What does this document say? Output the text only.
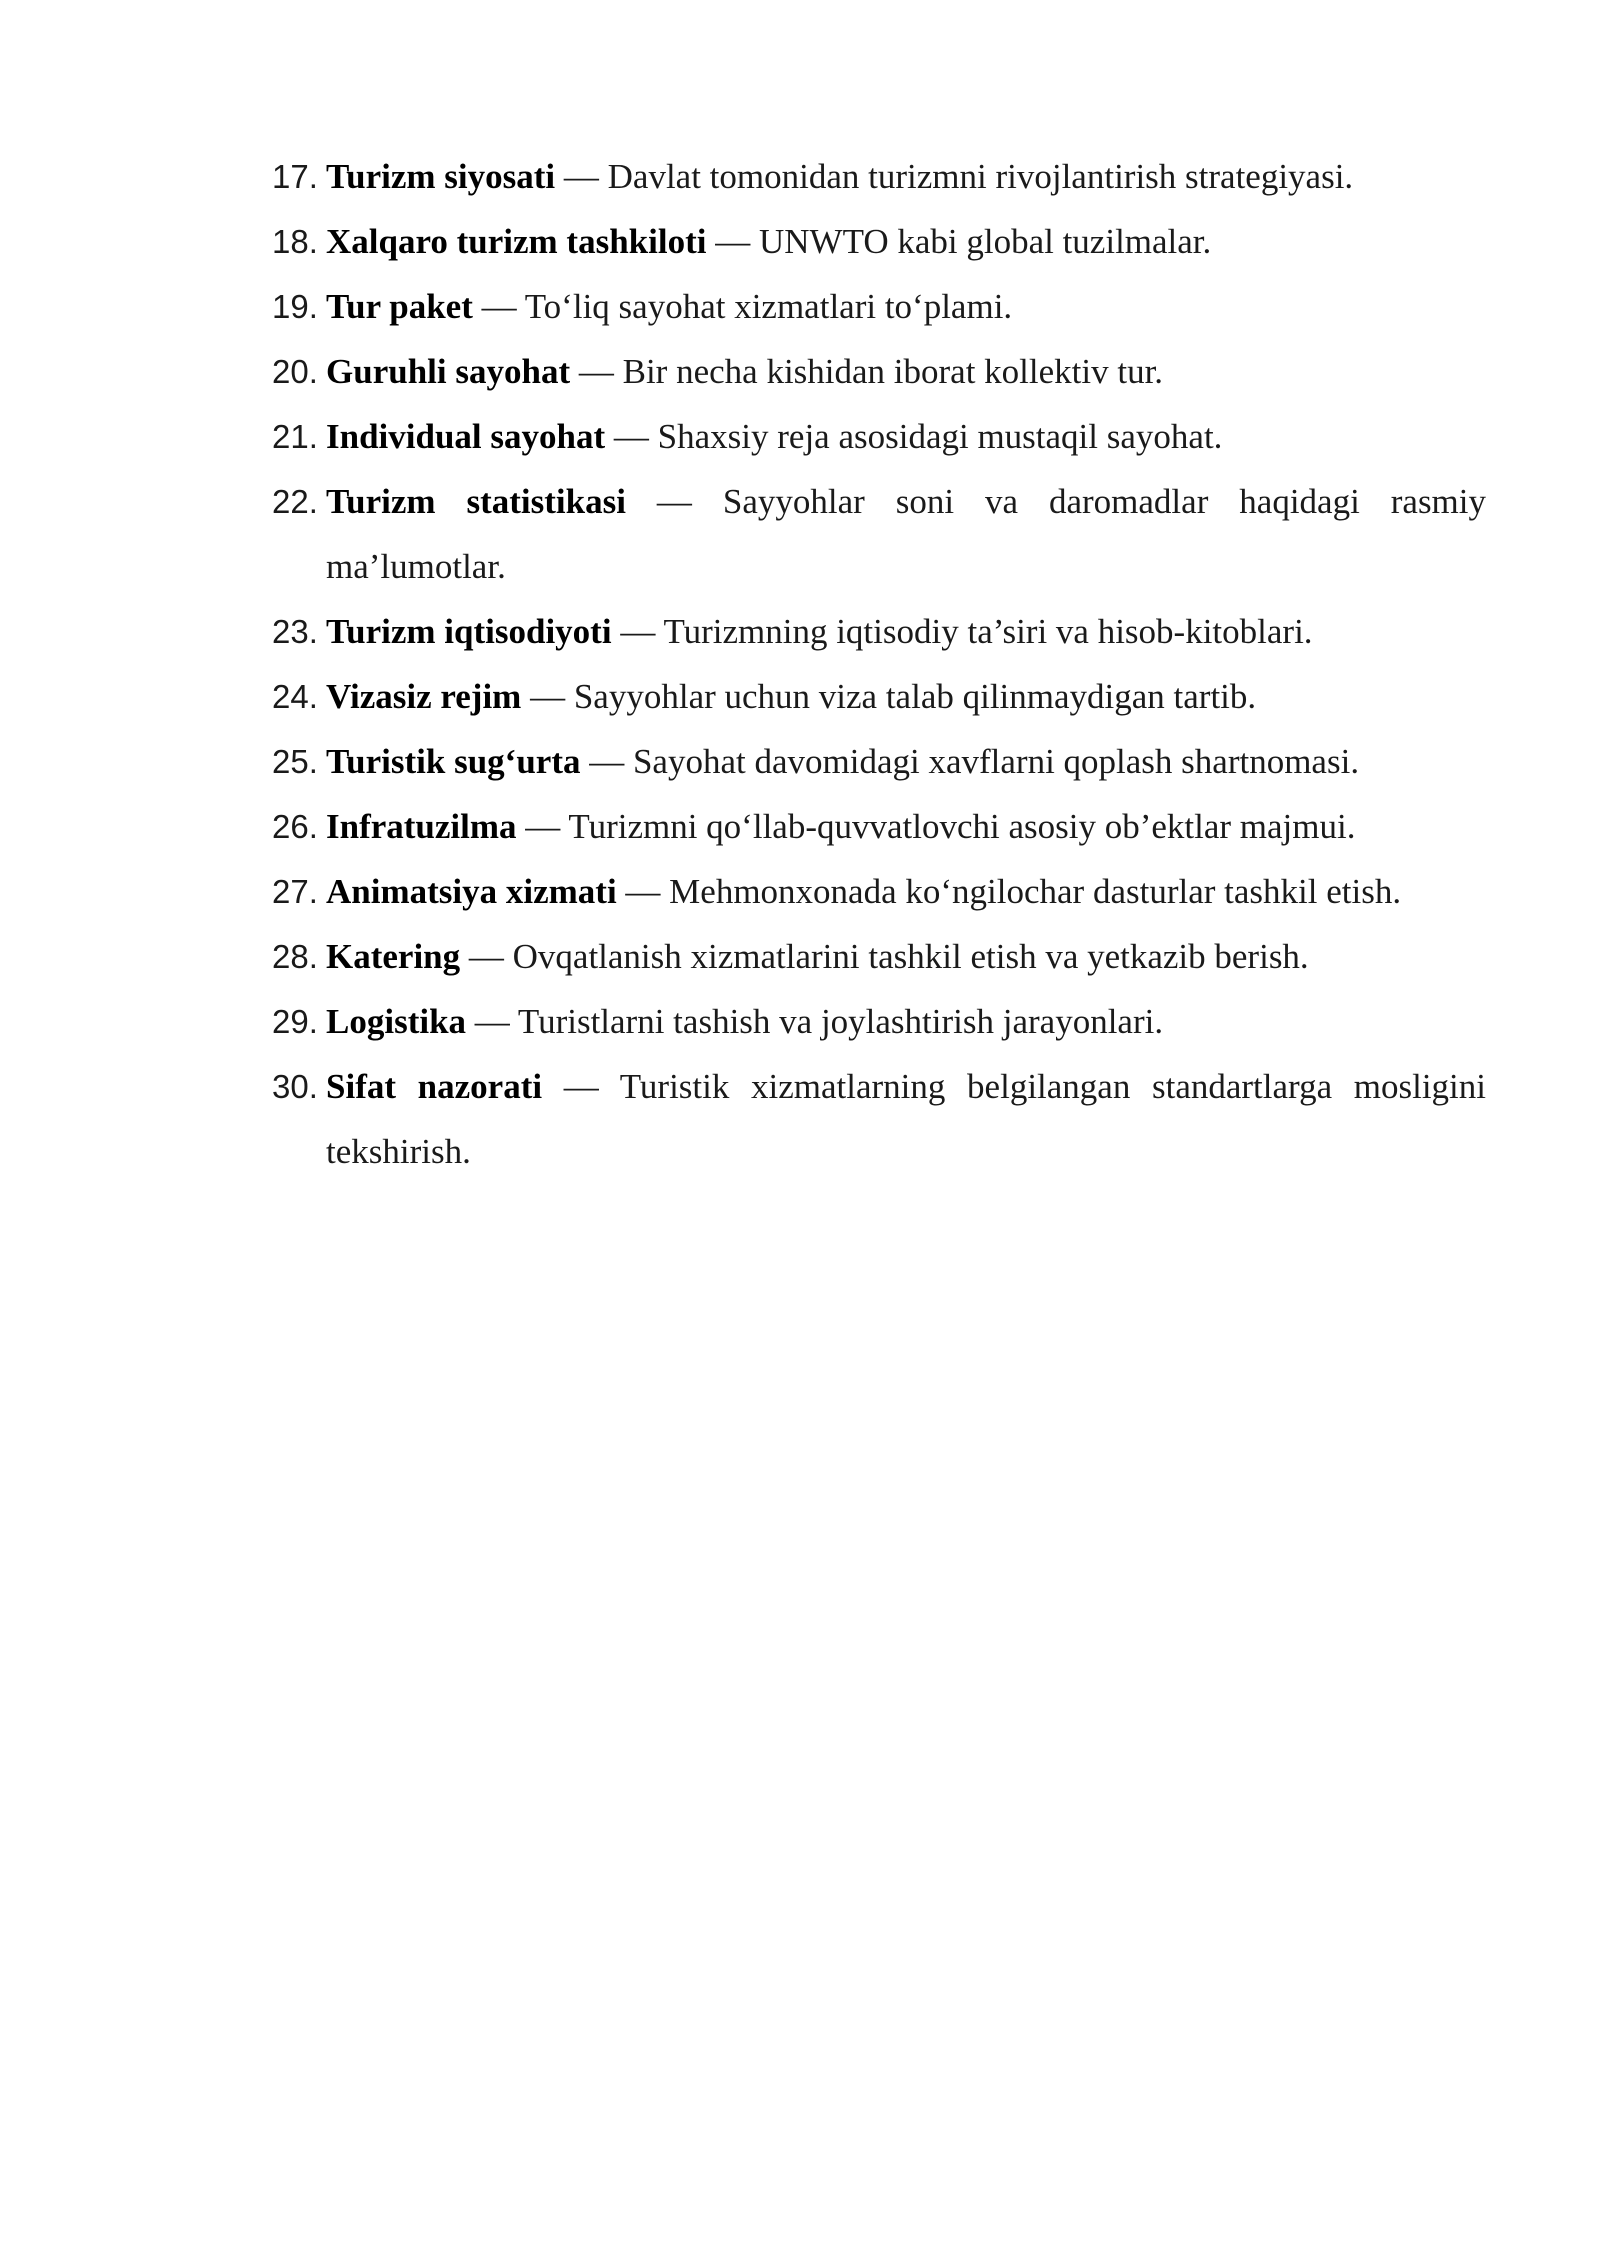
17. Turizm siyosati — Davlat tomonidan turizmni rivojlantirish strategiyasi.
18. Xalqaro turizm tashkiloti — UNWTO kabi global tuzilmalar.
19. Tur paket — To‘liq sayohat xizmatlari to‘plami.
20. Guruhli sayohat — Bir necha kishidan iborat kollektiv tur.
21. Individual sayohat — Shaxsiy reja asosidagi mustaqil sayohat.
22. Turizm statistikasi — Sayyohlar soni va daromadlar haqidagi rasmiy ma’lumotlar.
23. Turizm iqtisodiyoti — Turizmning iqtisodiy ta’siri va hisob-kitoblari.
24. Vizasiz rejim — Sayyohlar uchun viza talab qilinmaydigan tartib.
25. Turistik sug‘urta — Sayohat davomidagi xavflarni qoplash shartnomasi.
26. Infratuzilma — Turizmni qo‘llab-quvvatlovchi asosiy ob’ektlar majmui.
27. Animatsiya xizmati — Mehmonxonada ko‘ngilochar dasturlar tashkil etish.
28. Katering — Ovqatlanish xizmatlarini tashkil etish va yetkazib berish.
29. Logistika — Turistlarni tashish va joylashtirish jarayonlari.
30. Sifat nazorati — Turistik xizmatlarning belgilangan standartlarga mosligini tekshirish.
